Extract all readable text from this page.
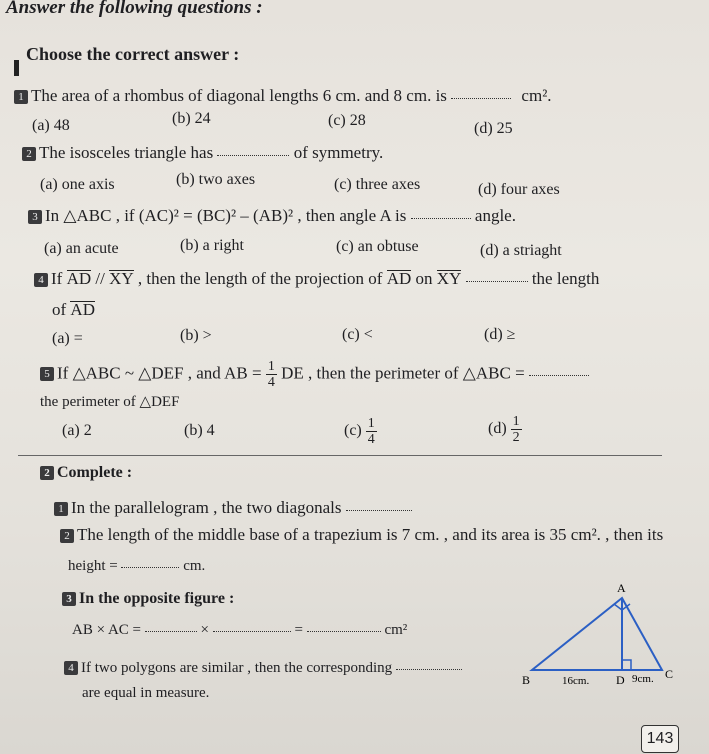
Answer the following questions :
Choose the correct answer :
1 The area of a rhombus of diagonal lengths 6 cm. and 8 cm. is	cm².
(a) 48	(b) 24	(c) 28	(d) 25
2 The isosceles triangle has	of symmetry.
(a) one axis	(b) two axes	(c) three axes	(d) four axes
3 In △ABC , if (AC)² = (BC)² – (AB)² , then angle A is	angle.
(a) an acute	(b) a right	(c) an obtuse	(d) a striaght
4 If AD // XY , then the length of the projection of AD on XY	the length
of AD
(a) =	(b) >	(c) <	(d) ≥
5 If △ABC ~ △DEF , and AB = $\frac{1}{4}$ DE , then the perimeter of △ABC =
the perimeter of △DEF
(a) 2	(b) 4	$(c) \frac{1}{4}$	$(d) \frac{1}{2}$
2 Complete :
1 In the parallelogram , the two diagonals
2 The length of the middle base of a trapezium is 7 cm. , and its area is 35 cm². , then its
height =	cm.
3 In the opposite figure :
AB × AC =	×	=	cm²
4 If two polygons are similar , then the corresponding
are equal in measure.
A
B	C
D
16cm.	9cm.
143
